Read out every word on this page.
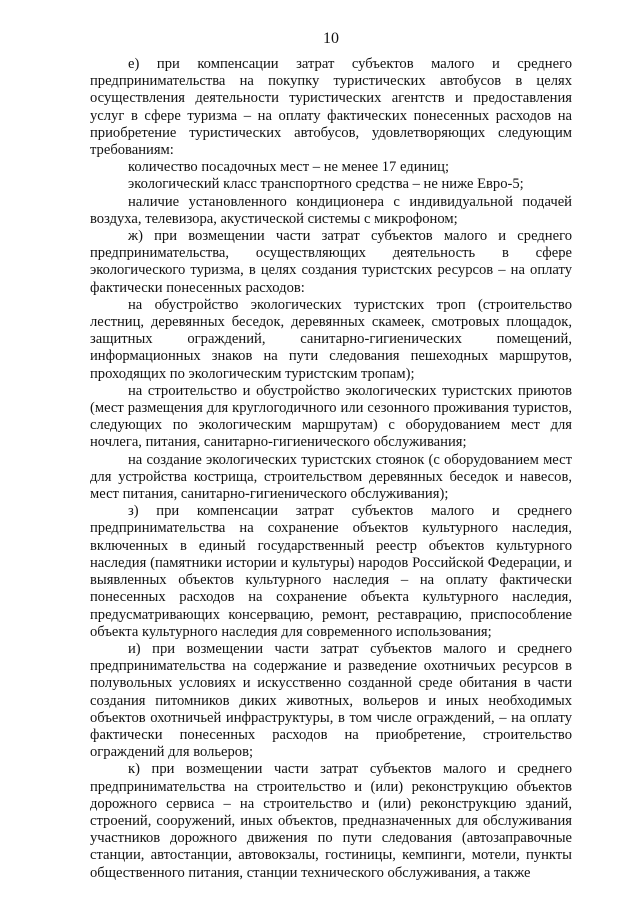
10

е) при компенсации затрат субъектов малого и среднего предпринимательства на покупку туристических автобусов в целях осуществления деятельности туристических агентств и предоставления услуг в сфере туризма – на оплату фактических понесенных расходов на приобретение туристических автобусов, удовлетворяющих следующим требованиям:

количество посадочных мест – не менее 17 единиц;

экологический класс транспортного средства – не ниже Евро-5;

наличие установленного кондиционера с индивидуальной подачей воздуха, телевизора, акустической системы с микрофоном;

ж) при возмещении части затрат субъектов малого и среднего предпринимательства, осуществляющих деятельность в сфере экологического туризма, в целях создания туристских ресурсов – на оплату фактически понесенных расходов:

на обустройство экологических туристских троп (строительство лестниц, деревянных беседок, деревянных скамеек, смотровых площадок, защитных ограждений, санитарно-гигиенических помещений, информационных знаков на пути следования пешеходных маршрутов, проходящих по экологическим туристским тропам);

на строительство и обустройство экологических туристских приютов (мест размещения для круглогодичного или сезонного проживания туристов, следующих по экологическим маршрутам) с оборудованием мест для ночлега, питания, санитарно-гигиенического обслуживания;

на создание экологических туристских стоянок (с оборудованием мест для устройства кострища, строительством деревянных беседок и навесов, мест питания, санитарно-гигиенического обслуживания);

з) при компенсации затрат субъектов малого и среднего предпринимательства на сохранение объектов культурного наследия, включенных в единый государственный реестр объектов культурного наследия (памятники истории и культуры) народов Российской Федерации, и выявленных объектов культурного наследия – на оплату фактически понесенных расходов на сохранение объекта культурного наследия, предусматривающих консервацию, ремонт, реставрацию, приспособление объекта культурного наследия для современного использования;

и) при возмещении части затрат субъектов малого и среднего предпринимательства на содержание и разведение охотничьих ресурсов в полувольных условиях и искусственно созданной среде обитания в части создания питомников диких животных, вольеров и иных необходимых объектов охотничьей инфраструктуры, в том числе ограждений, – на оплату фактически понесенных расходов на приобретение, строительство ограждений для вольеров;

к) при возмещении части затрат субъектов малого и среднего предпринимательства на строительство и (или) реконструкцию объектов дорожного сервиса – на строительство и (или) реконструкцию зданий, строений, сооружений, иных объектов, предназначенных для обслуживания участников дорожного движения по пути следования (автозаправочные станции, автостанции, автовокзалы, гостиницы, кемпинги, мотели, пункты общественного питания, станции технического обслуживания, а также
